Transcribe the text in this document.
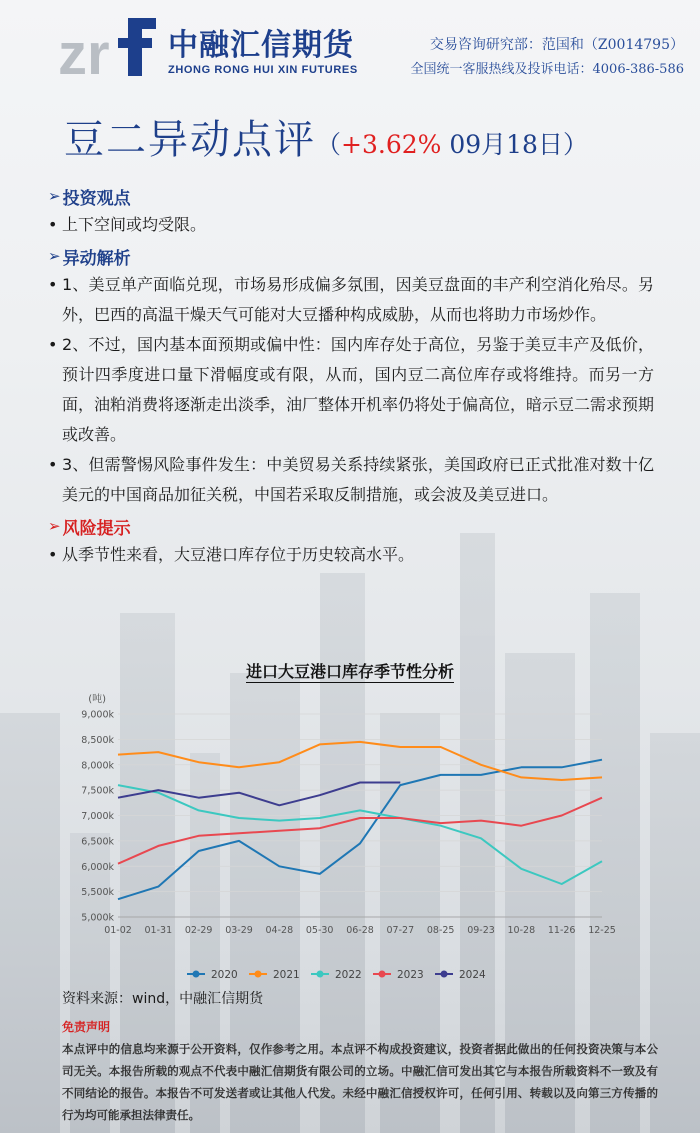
zr 中融汇信期货
ZHONG RONG HUI XIN FUTURES
交易咨询研究部：范国和（Z0014795）
全国统一客服热线及投诉电话：4006-386-586
豆二异动点评（+3.62% 09月18日）
➢ 投资观点
• 上下空间或均受限。
➢ 异动解析
• 1、美豆单产面临兑现，市场易形成偏多氛围，因美豆盘面的丰产利空消化殆尽。另外，巴西的高温干燥天气可能对大豆播种构成威胁，从而也将助力市场炒作。
• 2、不过，国内基本面预期或偏中性：国内库存处于高位，另鉴于美豆丰产及低价，预计四季度进口量下滑幅度或有限，从而，国内豆二高位库存或将维持。而另一方面，油粕消费将逐渐走出淡季，油厂整体开机率仍将处于偏高位，暗示豆二需求预期或改善。
• 3、但需警惕风险事件发生：中美贸易关系持续紧张，美国政府已正式批准对数十亿美元的中国商品加征关税，中国若采取反制措施，或会波及美豆进口。
➢ 风险提示
• 从季节性来看，大豆港口库存位于历史较高水平。
进口大豆港口库存季节性分析
(吨)
5,000k
5,500k
6,000k
6,500k
7,000k
7,500k
8,000k
8,500k
9,000k
01-02 01-31 02-29 03-29 04-28 05-30 06-28 07-27 08-25 09-23 10-28 11-26 12-25
2020	2021	2022	2023	2024
资料来源：wind，中融汇信期货
免责声明
本点评中的信息均来源于公开资料，仅作参考之用。本点评不构成投资建议，投资者据此做出的任何投资决策与本公司无关。本报告所载的观点不代表中融汇信期货有限公司的立场。中融汇信可发出其它与本报告所载资料不一致及有不同结论的报告。本报告不可发送者或让其他人代发。未经中融汇信授权许可，任何引用、转载以及向第三方传播的行为均可能承担法律责任。
